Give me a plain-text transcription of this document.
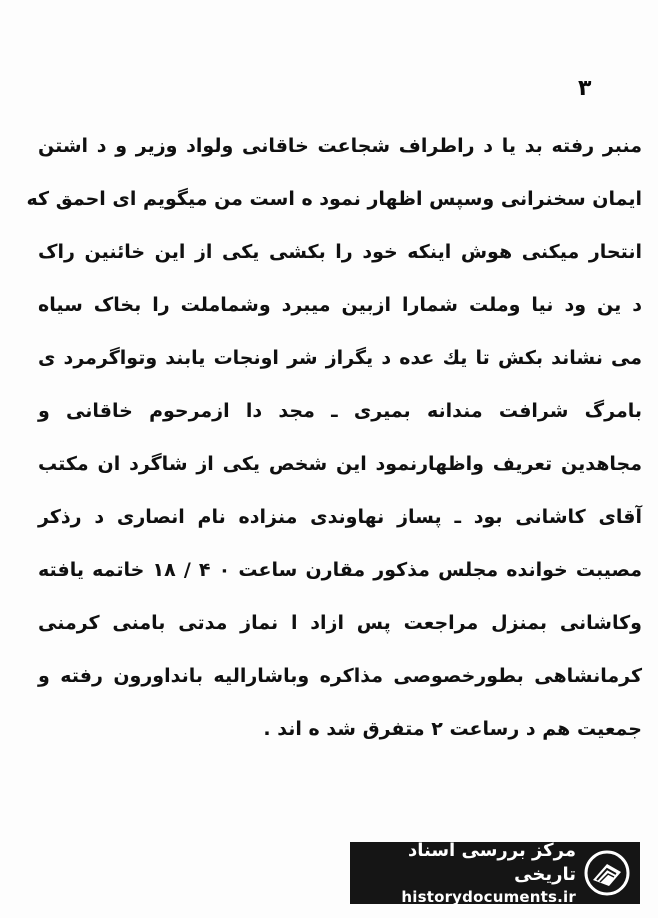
۳
منبر رفته بد یا د راطراف شجاعت خاقانی ولواد وزیر و د اشتن
ایمان سخنرانی وسپس اظهار نمود ه است من میگویم ای احمق که
انتحار میکنی هوش اینکه خود را بکشی یکی از این خائنین راک
د ین ود نیا وملت شمارا ازبین میبرد وشماملت را بخاک سیاه
می نشاند بکش تا یك عده د یگراز شر اونجات یابند وتواگرمرد ی
بامرگ شرافت مندانه بمیری ـ مجد دا ازمرحوم خاقانی و
مجاهدین تعریف واظهارنمود این شخص یکی از شاگرد ان مکتب
آقای کاشانی بود ـ پساز نهاوندی منزاده نام انصاری د رذکر
مصیبت خوانده مجلس مذکور مقارن ساعت ۰ ۴ / ۱۸ خاتمه یافته
وکاشانی بمنزل مراجعت پس ازاد ا نماز مدتی بامنی کرمنی
کرمانشاهی بطورخصوصی مذاکره وباشاراليه بانداورون رفته و
جمعیت هم د رساعت ۲ متفرق شد ه اند .
مرکز بررسی اسناد تاریخی
historydocuments.ir
